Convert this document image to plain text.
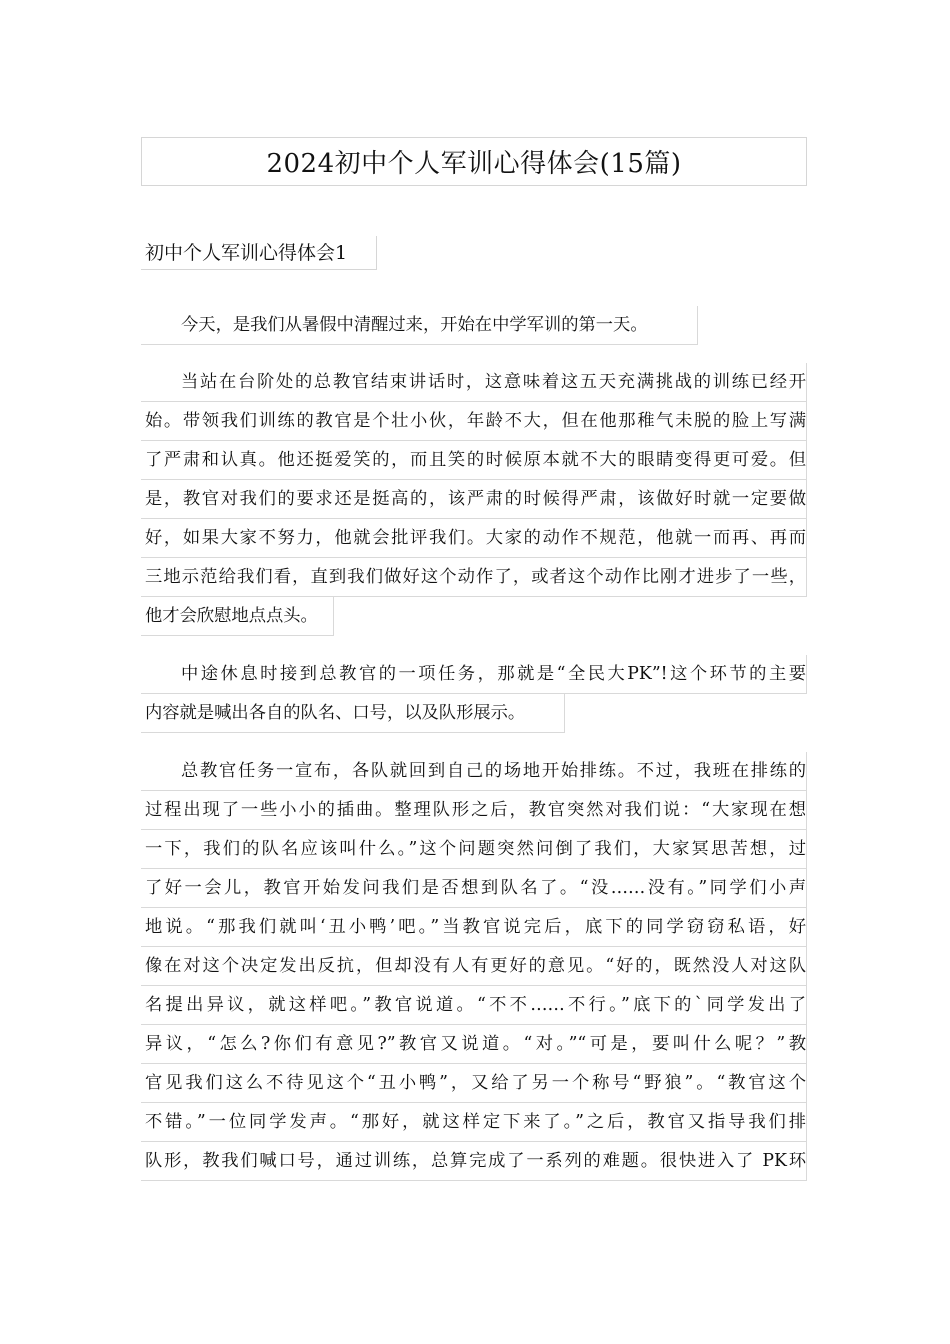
2024初中个人军训心得体会(15篇)
初中个人军训心得体会1
今天，是我们从暑假中清醒过来，开始在中学军训的第一天。
当站在台阶处的总教官结束讲话时，这意味着这五天充满挑战的训练已经开
始。带领我们训练的教官是个壮小伙，年龄不大，但在他那稚气未脱的脸上写满
了严肃和认真。他还挺爱笑的，而且笑的时候原本就不大的眼睛变得更可爱。但
是，教官对我们的要求还是挺高的，该严肃的时候得严肃，该做好时就一定要做
好，如果大家不努力，他就会批评我们。大家的动作不规范，他就一而再、再而
三地示范给我们看，直到我们做好这个动作了，或者这个动作比刚才进步了一些，
他才会欣慰地点点头。
中途休息时接到总教官的一项任务，那就是“全民大PK”!这个环节的主要
内容就是喊出各自的队名、口号，以及队形展示。
总教官任务一宣布，各队就回到自己的场地开始排练。不过，我班在排练的
过程出现了一些小小的插曲。整理队形之后，教官突然对我们说：“大家现在想
一下，我们的队名应该叫什么。”这个问题突然问倒了我们，大家冥思苦想，过
了好一会儿，教官开始发问我们是否想到队名了。“没……没有。”同学们小声
地说。“那我们就叫‘丑小鸭’吧。”当教官说完后，底下的同学窃窃私语，好
像在对这个决定发出反抗，但却没有人有更好的意见。“好的，既然没人对这队
名提出异议，就这样吧。”教官说道。“不不……不行。”底下的`同学发出了
异议，“怎么?你们有意见?”教官又说道。“对。”“可是，要叫什么呢？”教
官见我们这么不待见这个“丑小鸭”，又给了另一个称号“野狼”。“教官这个
不错。”一位同学发声。“那好，就这样定下来了。”之后，教官又指导我们排
队形，教我们喊口号，通过训练，总算完成了一系列的难题。很快进入了 PK环
